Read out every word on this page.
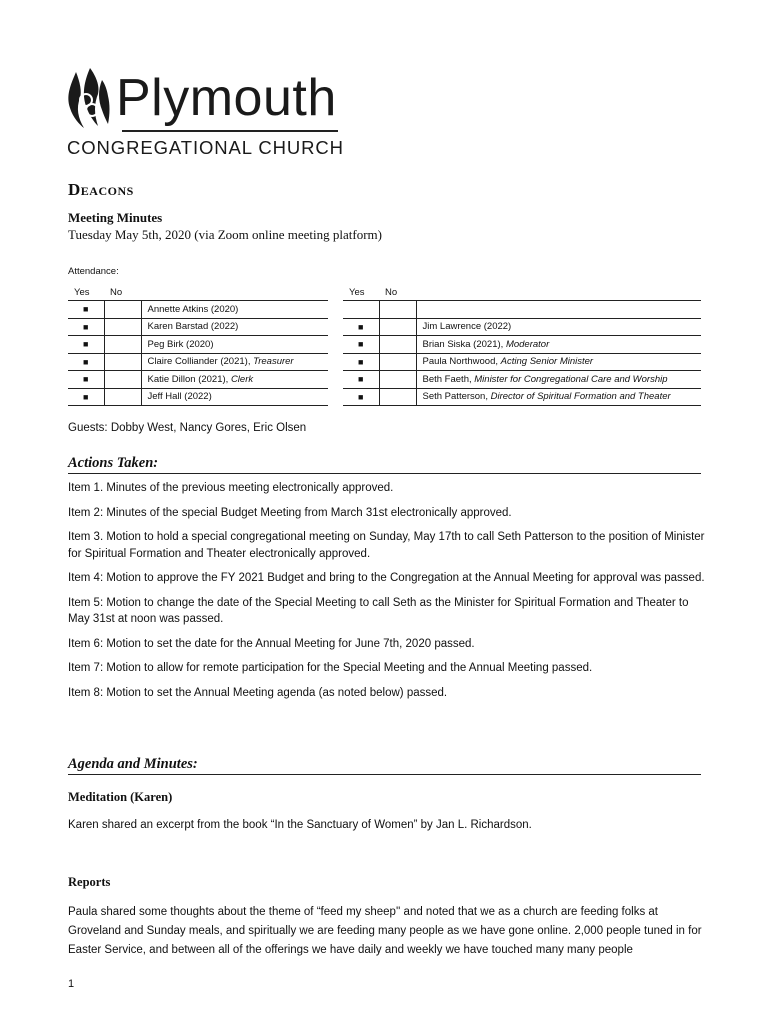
Plymouth
CONGREGATIONAL CHURCH
Deacons
Meeting Minutes
Tuesday May 5th, 2020 (via Zoom online meeting platform)
Attendance:
Yes	No	
■		Annette Atkins (2020)
■		Karen Barstad (2022)
■		Peg Birk (2020)
■		Claire Colliander (2021), Treasurer
■		Katie Dillon (2021), Clerk
■		Jeff Hall (2022)
Yes	No	

■		Jim Lawrence (2022)
■		Brian Siska (2021), Moderator
■		Paula Northwood, Acting Senior Minister
■		Beth Faeth, Minister for Congregational Care and Worship
■		Seth Patterson, Director of Spiritual Formation and Theater
Guests: Dobby West, Nancy Gores, Eric Olsen
Actions Taken:

Item 1. Minutes of the previous meeting electronically approved.

Item 2: Minutes of the special Budget Meeting from March 31st electronically approved.

Item 3. Motion to hold a special congregational meeting on Sunday, May 17th to call Seth Patterson to the position of Minister for Spiritual Formation and Theater electronically approved.

Item 4: Motion to approve the FY 2021 Budget and bring to the Congregation at the Annual Meeting for approval was passed.

Item 5: Motion to change the date of the Special Meeting to call Seth as the Minister for Spiritual Formation and Theater to May 31st at noon was passed.

Item 6: Motion to set the date for the Annual Meeting for June 7th, 2020 passed.

Item 7: Motion to allow for remote participation for the Special Meeting and the Annual Meeting passed.

Item 8: Motion to set the Annual Meeting agenda (as noted below) passed.

Agenda and Minutes:
Meditation (Karen)
Karen shared an excerpt from the book “In the Sanctuary of Women” by Jan L. Richardson.
Reports
Paula shared some thoughts about the theme of “feed my sheep'' and noted that we as a church are feeding folks at Groveland and Sunday meals, and spiritually we are feeding many people as we have gone online. 2,000 people tuned in for Easter Service, and between all of the offerings we have daily and weekly we have touched many many people
1
